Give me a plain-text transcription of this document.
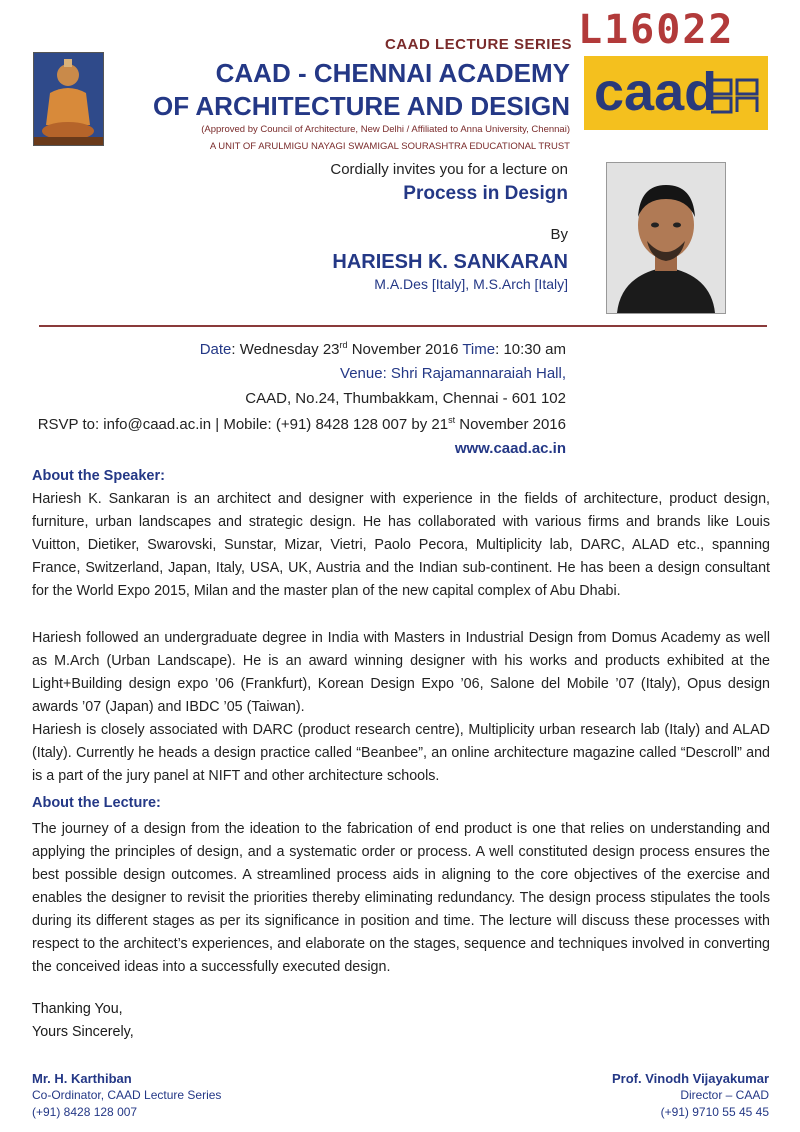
CAAD LECTURE SERIES L16022
caad
CAAD - CHENNAI ACADEMY
OF ARCHITECTURE AND DESIGN
(Approved by Council of Architecture, New Delhi / Affiliated to Anna University, Chennai)
A UNIT OF ARULMIGU NAYAGI SWAMIGAL SOURASHTRA EDUCATIONAL TRUST
Cordially invites you for a lecture on
Process in Design
By
HARIESH K. SANKARAN
M.A.Des [Italy], M.S.Arch [Italy]
Date: Wednesday 23rd November 2016 Time: 10:30 am
Venue: Shri Rajamannaraiah Hall,
CAAD, No.24, Thumbakkam, Chennai - 601 102
RSVP to: info@caad.ac.in | Mobile: (+91) 8428 128 007 by 21st November 2016
www.caad.ac.in
About the Speaker:
Hariesh K. Sankaran is an architect and designer with experience in the fields of architecture, product design, furniture, urban landscapes and strategic design. He has collaborated with various firms and brands like Louis Vuitton, Dietiker, Swarovski, Sunstar, Mizar, Vietri, Paolo Pecora, Multiplicity lab, DARC, ALAD etc., spanning France, Switzerland, Japan, Italy, USA, UK, Austria and the Indian sub-continent. He has been a design consultant for the World Expo 2015, Milan and the master plan of the new capital complex of Abu Dhabi.
Hariesh followed an undergraduate degree in India with Masters in Industrial Design from Domus Academy as well as M.Arch (Urban Landscape). He is an award winning designer with his works and products exhibited at the Light+Building design expo ’06 (Frankfurt), Korean Design Expo ’06, Salone del Mobile ’07 (Italy), Opus design awards ’07 (Japan) and IBDC ’05 (Taiwan).
Hariesh is closely associated with DARC (product research centre), Multiplicity urban research lab (Italy) and ALAD (Italy). Currently he heads a design practice called “Beanbee”, an online architecture magazine called “Descroll” and is a part of the jury panel at NIFT and other architecture schools.
About the Lecture:
The journey of a design from the ideation to the fabrication of end product is one that relies on understanding and applying the principles of design, and a systematic order or process. A well constituted design process ensures the best possible design outcomes. A streamlined process aids in aligning to the core objectives of the exercise and enables the designer to revisit the priorities thereby eliminating redundancy. The design process stipulates the tools during its different stages as per its significance in position and time. The lecture will discuss these processes with respect to the architect’s experiences, and elaborate on the stages, sequence and techniques involved in converting the conceived ideas into a successfully executed design.
Thanking You,
Yours Sincerely,
Mr. H. Karthiban
Co-Ordinator, CAAD Lecture Series
(+91) 8428 128 007
Prof. Vinodh Vijayakumar
Director – CAAD
(+91) 9710 55 45 45
